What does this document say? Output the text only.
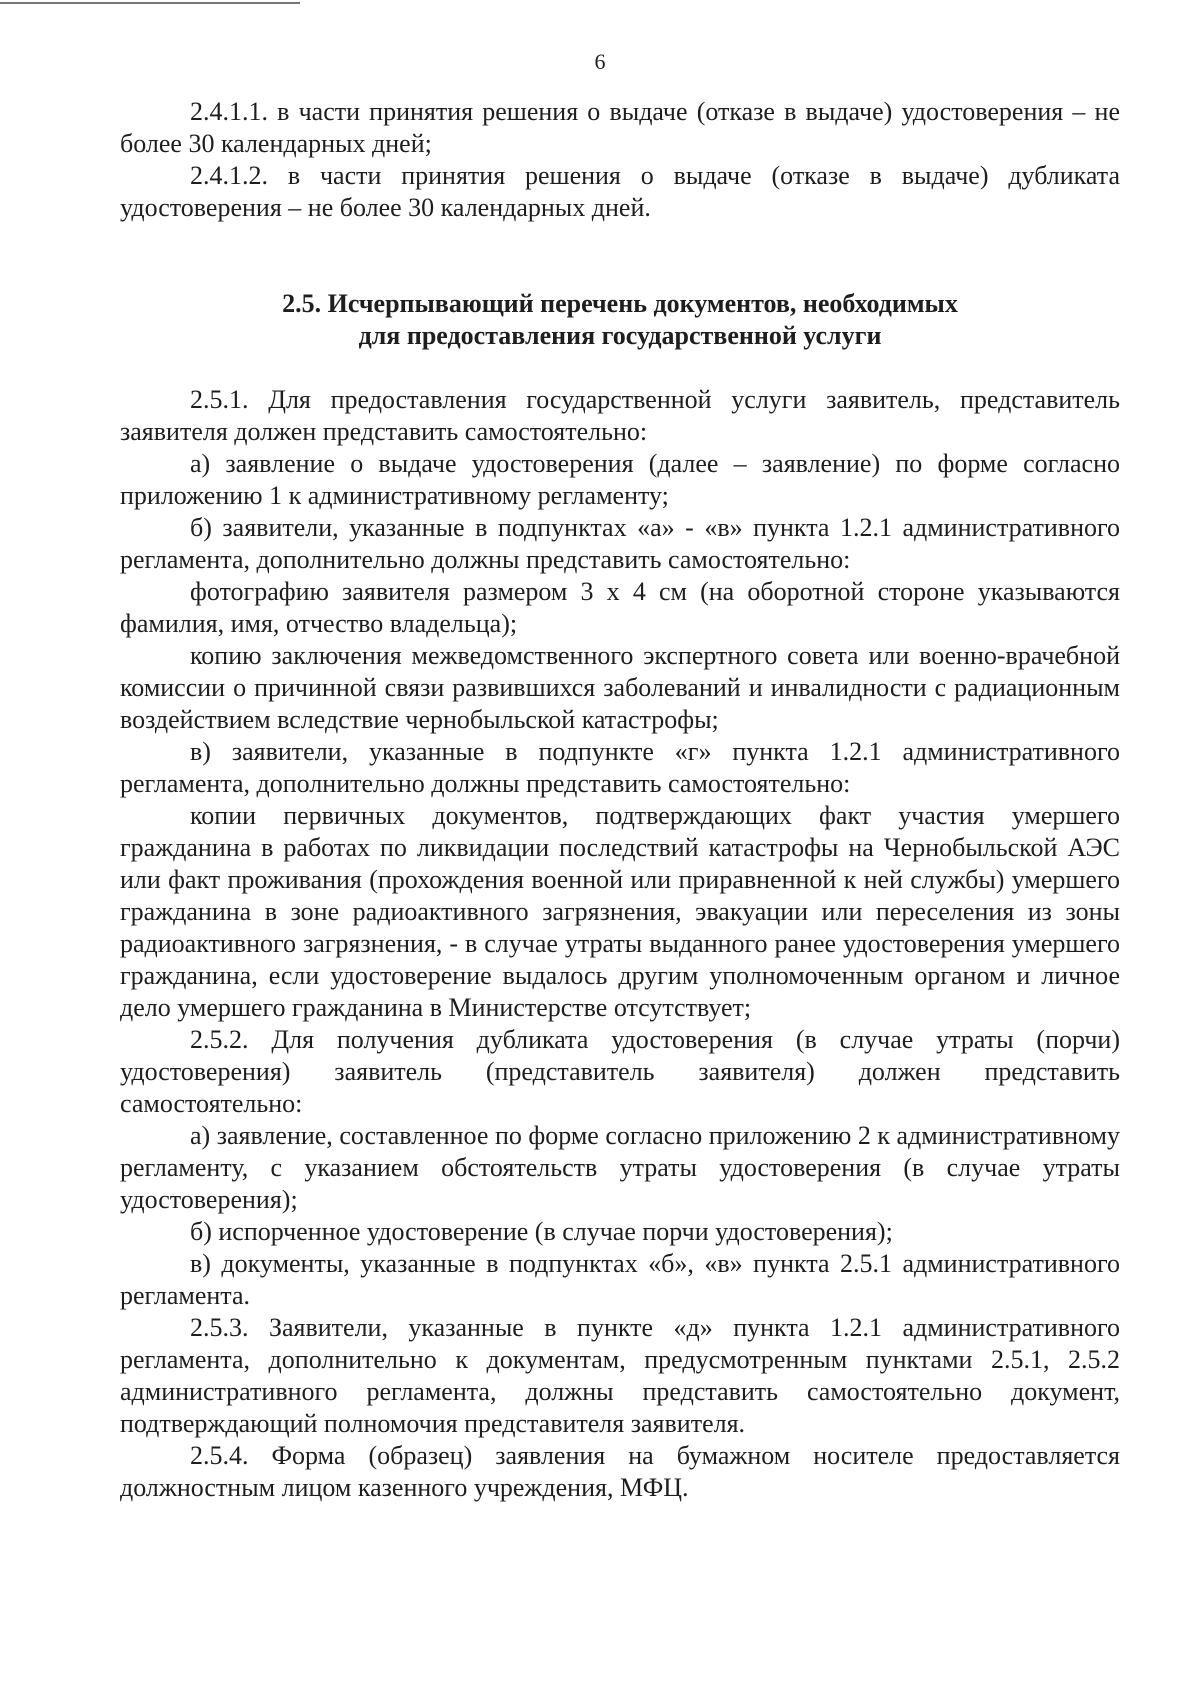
6

2.4.1.1. в части принятия решения о выдаче (отказе в выдаче) удостоверения – не более 30 календарных дней;

2.4.1.2. в части принятия решения о выдаче (отказе в выдаче) дубликата удостоверения – не более 30 календарных дней.

2.5. Исчерпывающий перечень документов, необходимых
для предоставления государственной услуги

2.5.1. Для предоставления государственной услуги заявитель, представитель заявителя должен представить самостоятельно:

а) заявление о выдаче удостоверения (далее – заявление) по форме согласно приложению 1 к административному регламенту;

б) заявители, указанные в подпунктах «а» - «в» пункта 1.2.1 административного регламента, дополнительно должны представить самостоятельно:

фотографию заявителя размером 3 х 4 см (на оборотной стороне указываются фамилия, имя, отчество владельца);

копию заключения межведомственного экспертного совета или военно-врачебной комиссии о причинной связи развившихся заболеваний и инвалидности с радиационным воздействием вследствие чернобыльской катастрофы;

в) заявители, указанные в подпункте «г» пункта 1.2.1 административного регламента, дополнительно должны представить самостоятельно:

копии первичных документов, подтверждающих факт участия умершего гражданина в работах по ликвидации последствий катастрофы на Чернобыльской АЭС или факт проживания (прохождения военной или приравненной к ней службы) умершего гражданина в зоне радиоактивного загрязнения, эвакуации или переселения из зоны радиоактивного загрязнения, - в случае утраты выданного ранее удостоверения умершего гражданина, если удостоверение выдалось другим уполномоченным органом и личное дело умершего гражданина в Министерстве отсутствует;

2.5.2. Для получения дубликата удостоверения (в случае утраты (порчи) удостоверения) заявитель (представитель заявителя) должен представить самостоятельно:

а) заявление, составленное по форме согласно приложению 2 к административному регламенту, с указанием обстоятельств утраты удостоверения (в случае утраты удостоверения);

б) испорченное удостоверение (в случае порчи удостоверения);

в) документы, указанные в подпунктах «б», «в» пункта 2.5.1 административного регламента.

2.5.3. Заявители, указанные в пункте «д» пункта 1.2.1 административного регламента, дополнительно к документам, предусмотренным пунктами 2.5.1, 2.5.2 административного регламента, должны представить самостоятельно документ, подтверждающий полномочия представителя заявителя.

2.5.4. Форма (образец) заявления на бумажном носителе предоставляется должностным лицом казенного учреждения, МФЦ.
